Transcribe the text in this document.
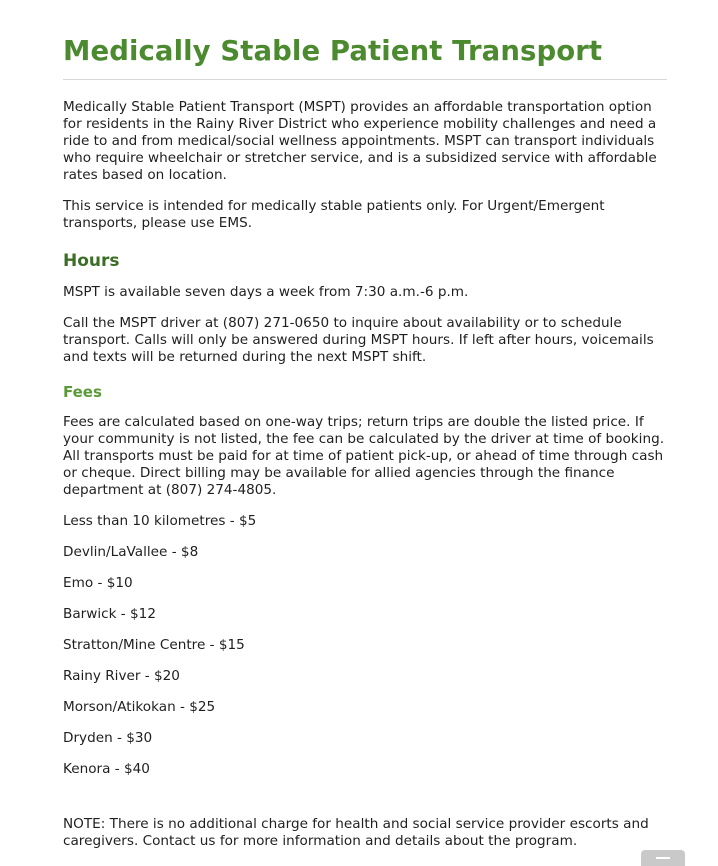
Medically Stable Patient Transport

Medically Stable Patient Transport (MSPT) provides an affordable transportation option for residents in the Rainy River District who experience mobility challenges and need a ride to and from medical/social wellness appointments. MSPT can transport individuals who require wheelchair or stretcher service, and is a subsidized service with affordable rates based on location.

This service is intended for medically stable patients only. For Urgent/Emergent transports, please use EMS.

Hours

MSPT is available seven days a week from 7:30 a.m.-6 p.m.

Call the MSPT driver at (807) 271-0650 to inquire about availability or to schedule transport. Calls will only be answered during MSPT hours. If left after hours, voicemails and texts will be returned during the next MSPT shift.

Fees

Fees are calculated based on one-way trips; return trips are double the listed price. If your community is not listed, the fee can be calculated by the driver at time of booking. All transports must be paid for at time of patient pick-up, or ahead of time through cash or cheque. Direct billing may be available for allied agencies through the finance department at (807) 274-4805.

Less than 10 kilometres - $5
Devlin/LaVallee - $8
Emo - $10
Barwick - $12
Stratton/Mine Centre - $15
Rainy River - $20
Morson/Atikokan - $25
Dryden - $30
Kenora - $40

NOTE: There is no additional charge for health and social service provider escorts and caregivers. Contact us for more information and details about the program.
